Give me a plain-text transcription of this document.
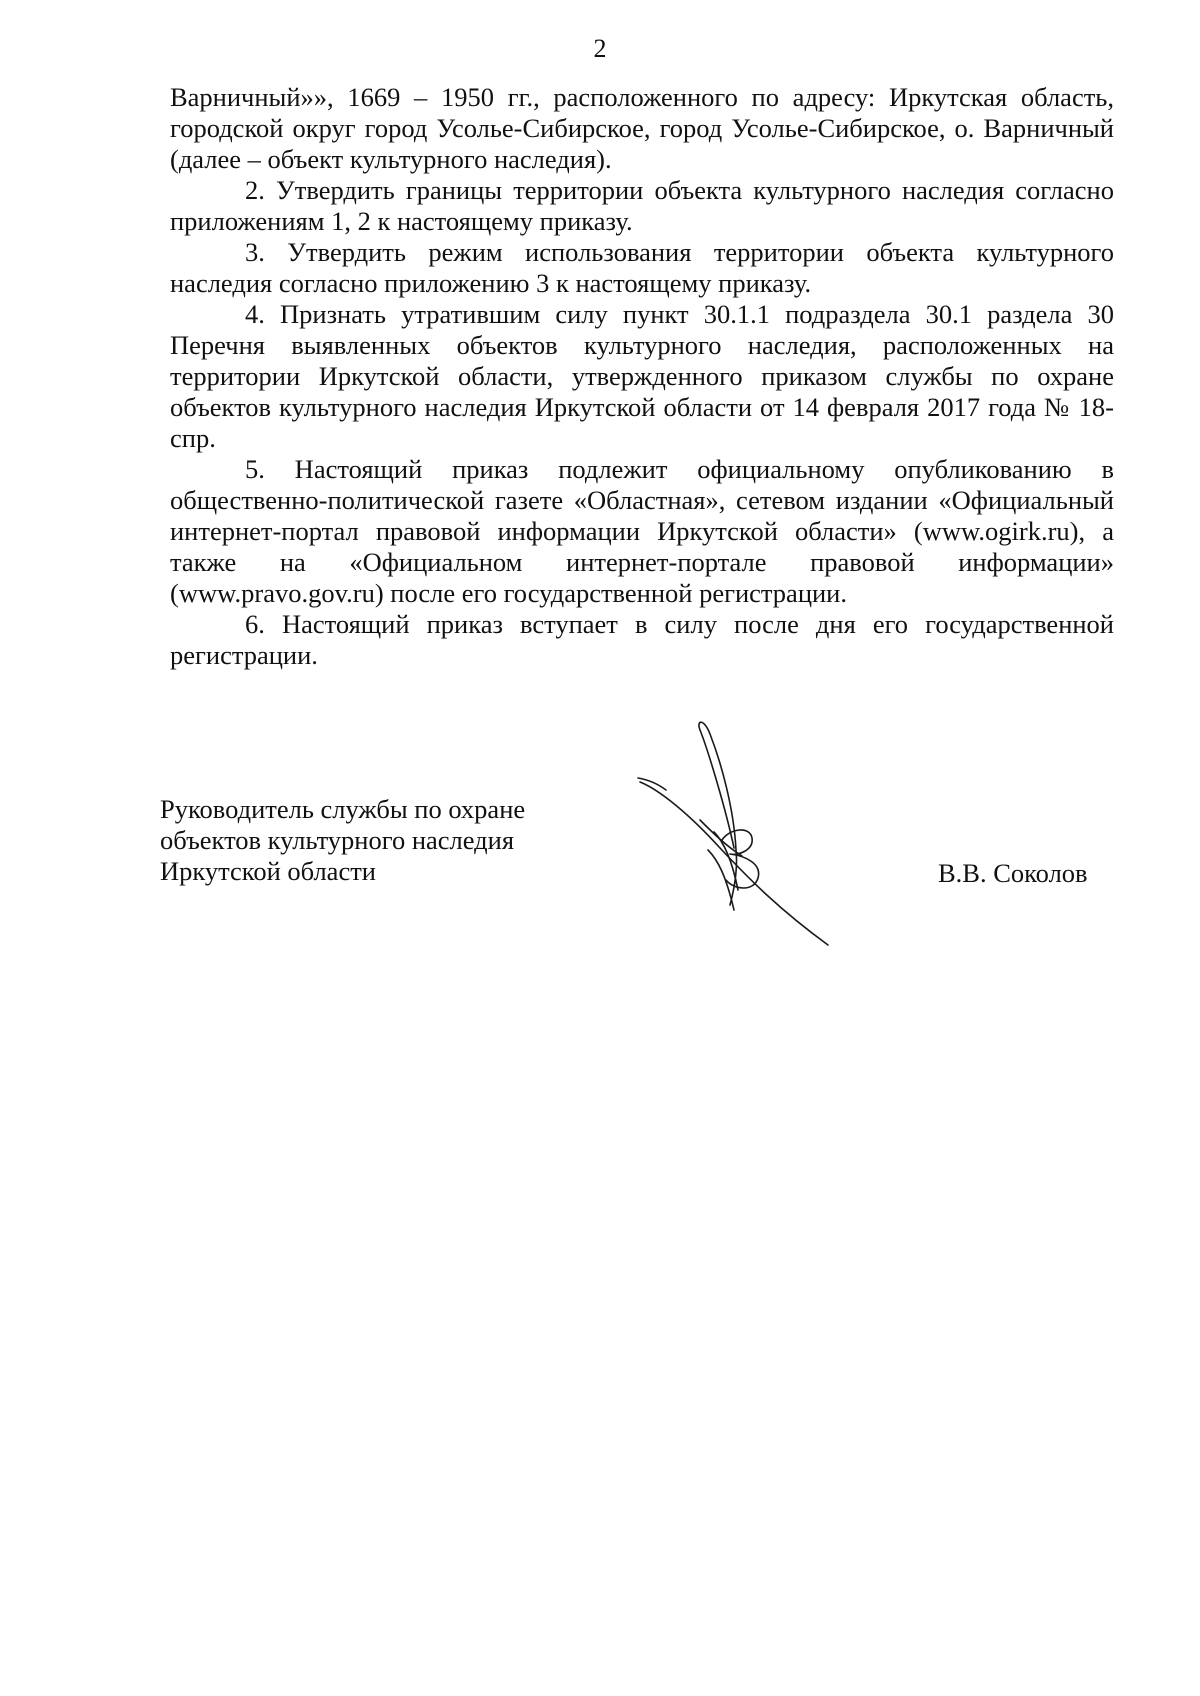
2

Варничный»», 1669 – 1950 гг., расположенного по адресу: Иркутская область, городской округ город Усолье-Сибирское, город Усолье-Сибирское, о. Варничный (далее – объект культурного наследия).

2. Утвердить границы территории объекта культурного наследия согласно приложениям 1, 2 к настоящему приказу.

3. Утвердить режим использования территории объекта культурного наследия согласно приложению 3 к настоящему приказу.

4. Признать утратившим силу пункт 30.1.1 подраздела 30.1 раздела 30 Перечня выявленных объектов культурного наследия, расположенных на территории Иркутской области, утвержденного приказом службы по охране объектов культурного наследия Иркутской области от 14 февраля 2017 года № 18-спр.

5. Настоящий приказ подлежит официальному опубликованию в общественно-политической газете «Областная», сетевом издании «Официальный интернет-портал правовой информации Иркутской области» (www.ogirk.ru), а также на «Официальном интернет-портале правовой информации» (www.pravo.gov.ru) после его государственной регистрации.

6. Настоящий приказ вступает в силу после дня его государственной регистрации.

Руководитель службы по охране
объектов культурного наследия
Иркутской области	В.В. Соколов
